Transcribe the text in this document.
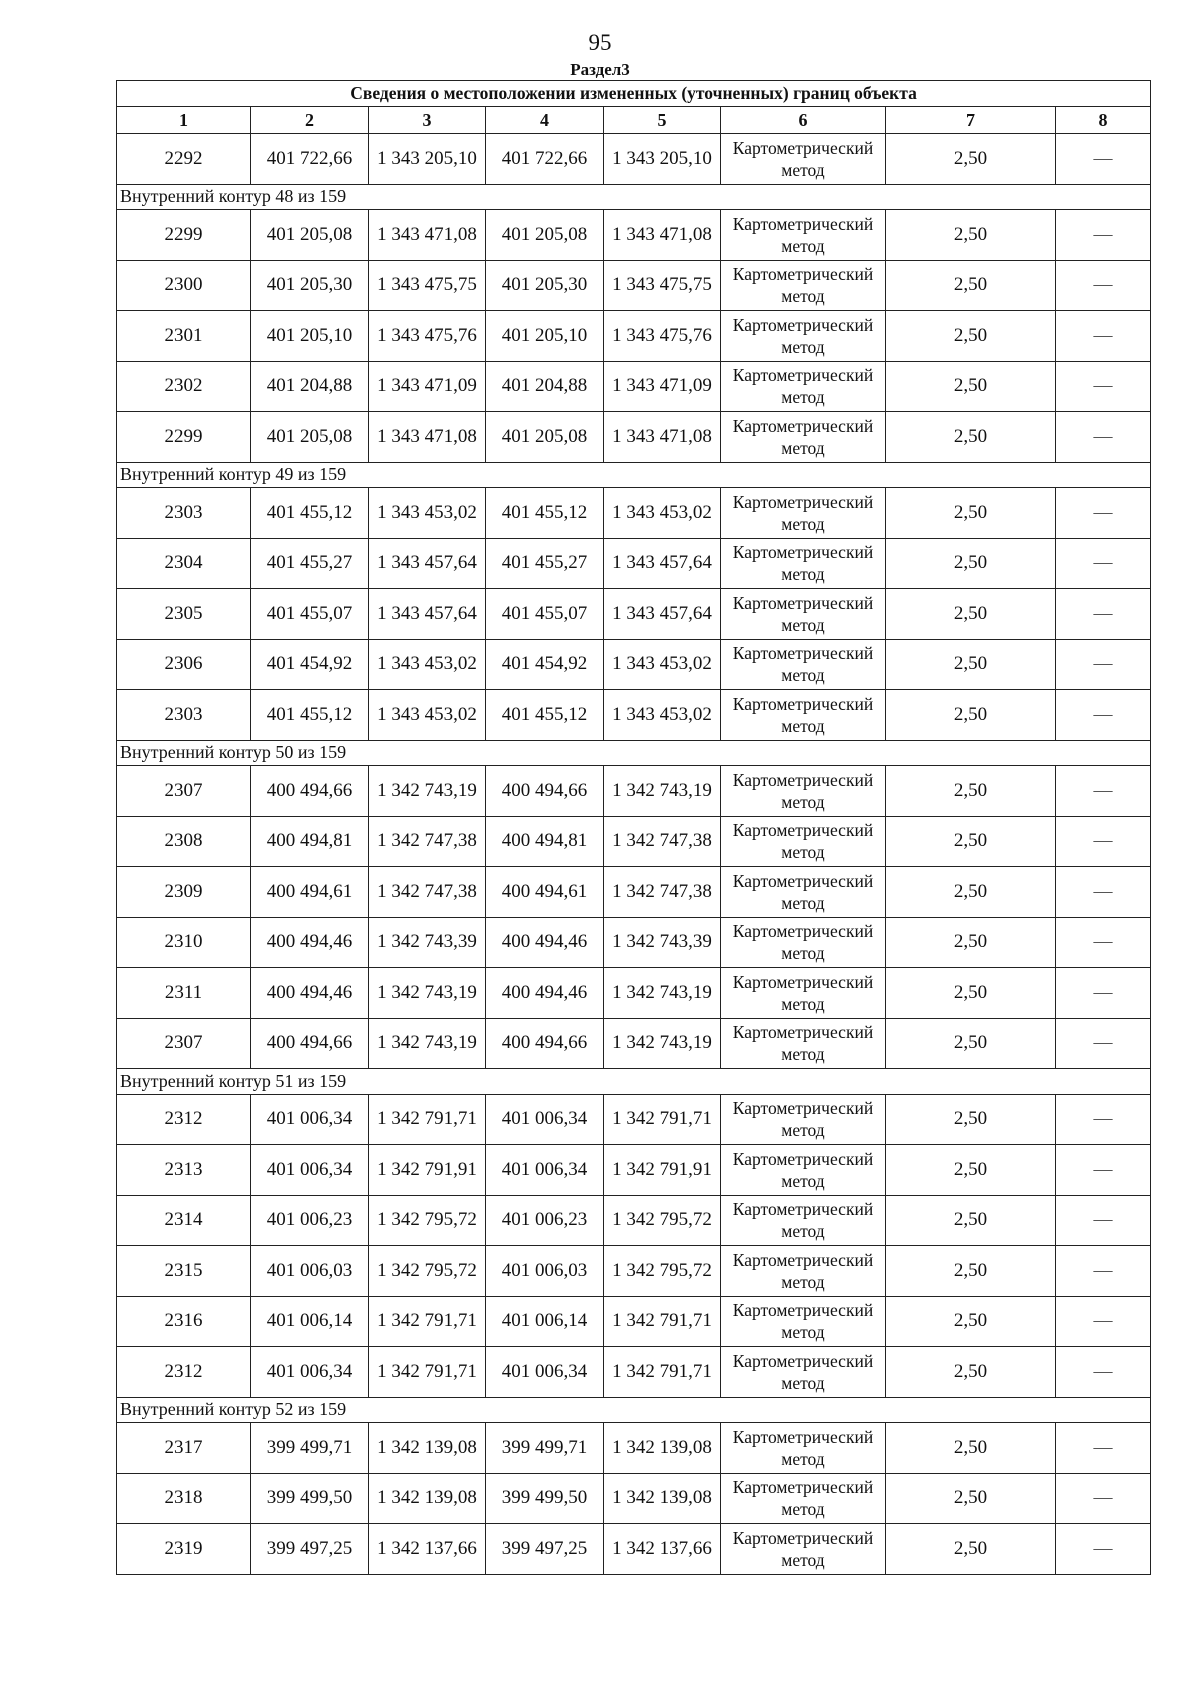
95
Раздел3
Сведения о местоположении измененных (уточненных) границ объекта							
1	2	3	4	5	6	7	8
2292	401 722,66	1 343 205,10	401 722,66	1 343 205,10	Картометрический метод	2,50	—
Внутренний контур 48 из 159							
2299	401 205,08	1 343 471,08	401 205,08	1 343 471,08	Картометрический метод	2,50	—
2300	401 205,30	1 343 475,75	401 205,30	1 343 475,75	Картометрический метод	2,50	—
2301	401 205,10	1 343 475,76	401 205,10	1 343 475,76	Картометрический метод	2,50	—
2302	401 204,88	1 343 471,09	401 204,88	1 343 471,09	Картометрический метод	2,50	—
2299	401 205,08	1 343 471,08	401 205,08	1 343 471,08	Картометрический метод	2,50	—
Внутренний контур 49 из 159							
2303	401 455,12	1 343 453,02	401 455,12	1 343 453,02	Картометрический метод	2,50	—
2304	401 455,27	1 343 457,64	401 455,27	1 343 457,64	Картометрический метод	2,50	—
2305	401 455,07	1 343 457,64	401 455,07	1 343 457,64	Картометрический метод	2,50	—
2306	401 454,92	1 343 453,02	401 454,92	1 343 453,02	Картометрический метод	2,50	—
2303	401 455,12	1 343 453,02	401 455,12	1 343 453,02	Картометрический метод	2,50	—
Внутренний контур 50 из 159							
2307	400 494,66	1 342 743,19	400 494,66	1 342 743,19	Картометрический метод	2,50	—
2308	400 494,81	1 342 747,38	400 494,81	1 342 747,38	Картометрический метод	2,50	—
2309	400 494,61	1 342 747,38	400 494,61	1 342 747,38	Картометрический метод	2,50	—
2310	400 494,46	1 342 743,39	400 494,46	1 342 743,39	Картометрический метод	2,50	—
2311	400 494,46	1 342 743,19	400 494,46	1 342 743,19	Картометрический метод	2,50	—
2307	400 494,66	1 342 743,19	400 494,66	1 342 743,19	Картометрический метод	2,50	—
Внутренний контур 51 из 159							
2312	401 006,34	1 342 791,71	401 006,34	1 342 791,71	Картометрический метод	2,50	—
2313	401 006,34	1 342 791,91	401 006,34	1 342 791,91	Картометрический метод	2,50	—
2314	401 006,23	1 342 795,72	401 006,23	1 342 795,72	Картометрический метод	2,50	—
2315	401 006,03	1 342 795,72	401 006,03	1 342 795,72	Картометрический метод	2,50	—
2316	401 006,14	1 342 791,71	401 006,14	1 342 791,71	Картометрический метод	2,50	—
2312	401 006,34	1 342 791,71	401 006,34	1 342 791,71	Картометрический метод	2,50	—
Внутренний контур 52 из 159							
2317	399 499,71	1 342 139,08	399 499,71	1 342 139,08	Картометрический метод	2,50	—
2318	399 499,50	1 342 139,08	399 499,50	1 342 139,08	Картометрический метод	2,50	—
2319	399 497,25	1 342 137,66	399 497,25	1 342 137,66	Картометрический метод	2,50	—
